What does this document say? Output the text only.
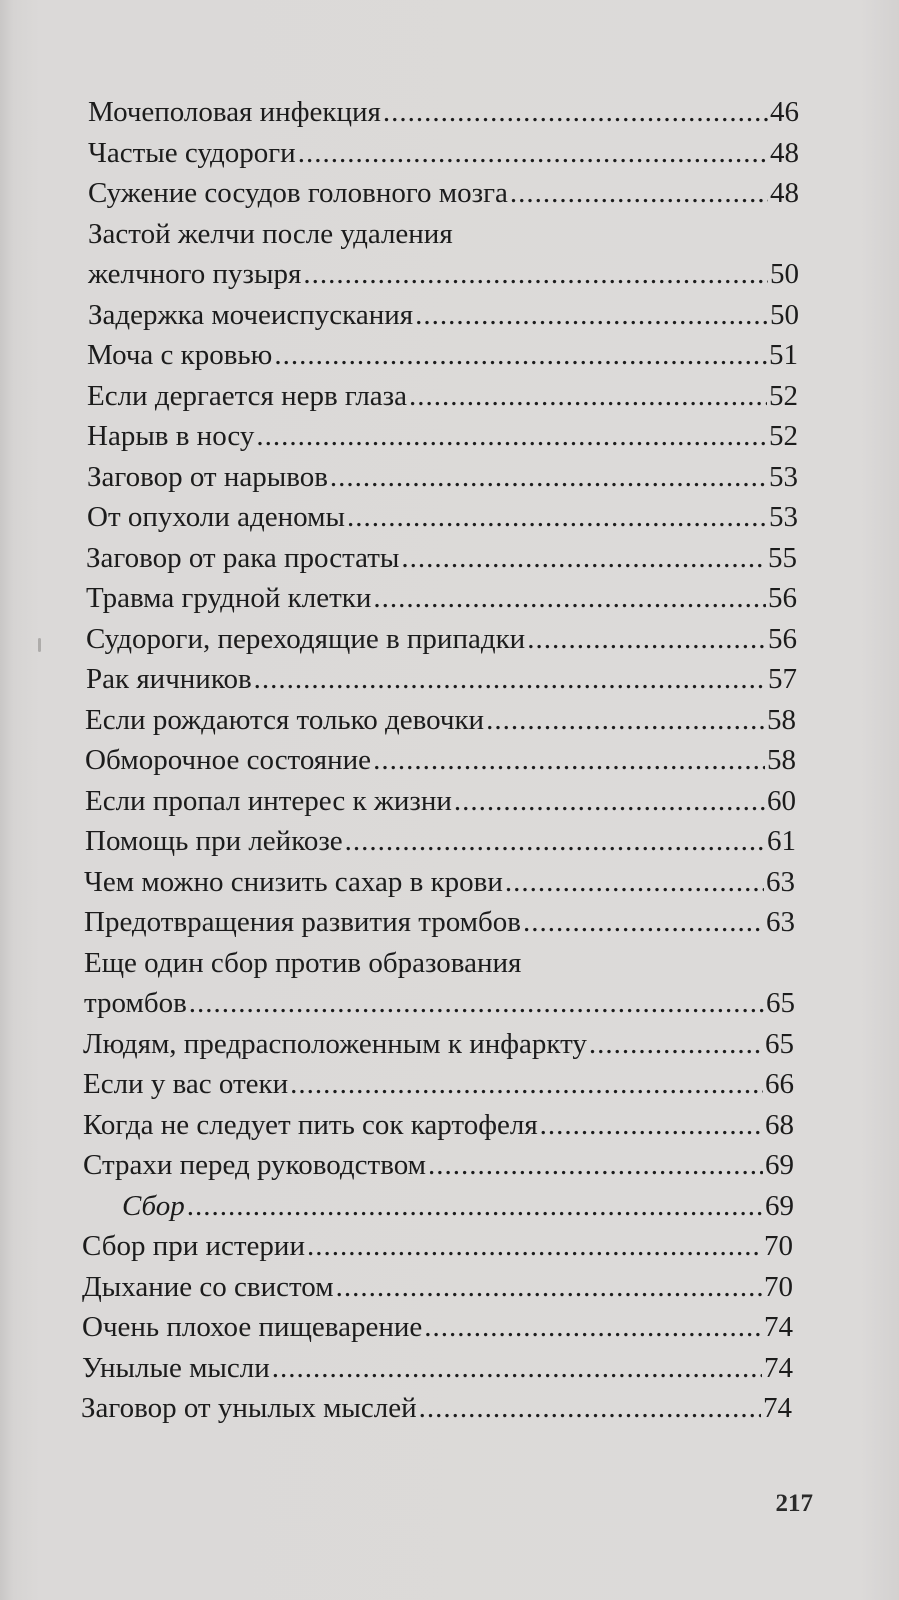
Мочеполовая инфекция .....	46
Частые судороги .....	48
Сужение сосудов головного мозга .....	48
Застой желчи после удаления
желчного пузыря .....	50
Задержка мочеиспускания .....	50
Моча с кровью .....	51
Если дергается нерв глаза .....	52
Нарыв в носу .....	52
Заговор от нарывов .....	53
От опухоли аденомы .....	53
Заговор от рака простаты .....	55
Травма грудной клетки .....	56
Судороги, переходящие в припадки .....	56
Рак яичников .....	57
Если рождаются только девочки .....	58
Обморочное состояние .....	58
Если пропал интерес к жизни .....	60
Помощь при лейкозе .....	61
Чем можно снизить сахар в крови .....	63
Предотвращения развития тромбов .....	63
Еще один сбор против образования
тромбов .....	65
Людям, предрасположенным к инфаркту .....	65
Если у вас отеки .....	66
Когда не следует пить сок картофеля .....	68
Страхи перед руководством .....	69
Сбор .....	69
Сбор при истерии .....	70
Дыхание со свистом .....	70
Очень плохое пищеварение .....	74
Унылые мысли .....	74
Заговор от унылых мыслей .....	74
217
